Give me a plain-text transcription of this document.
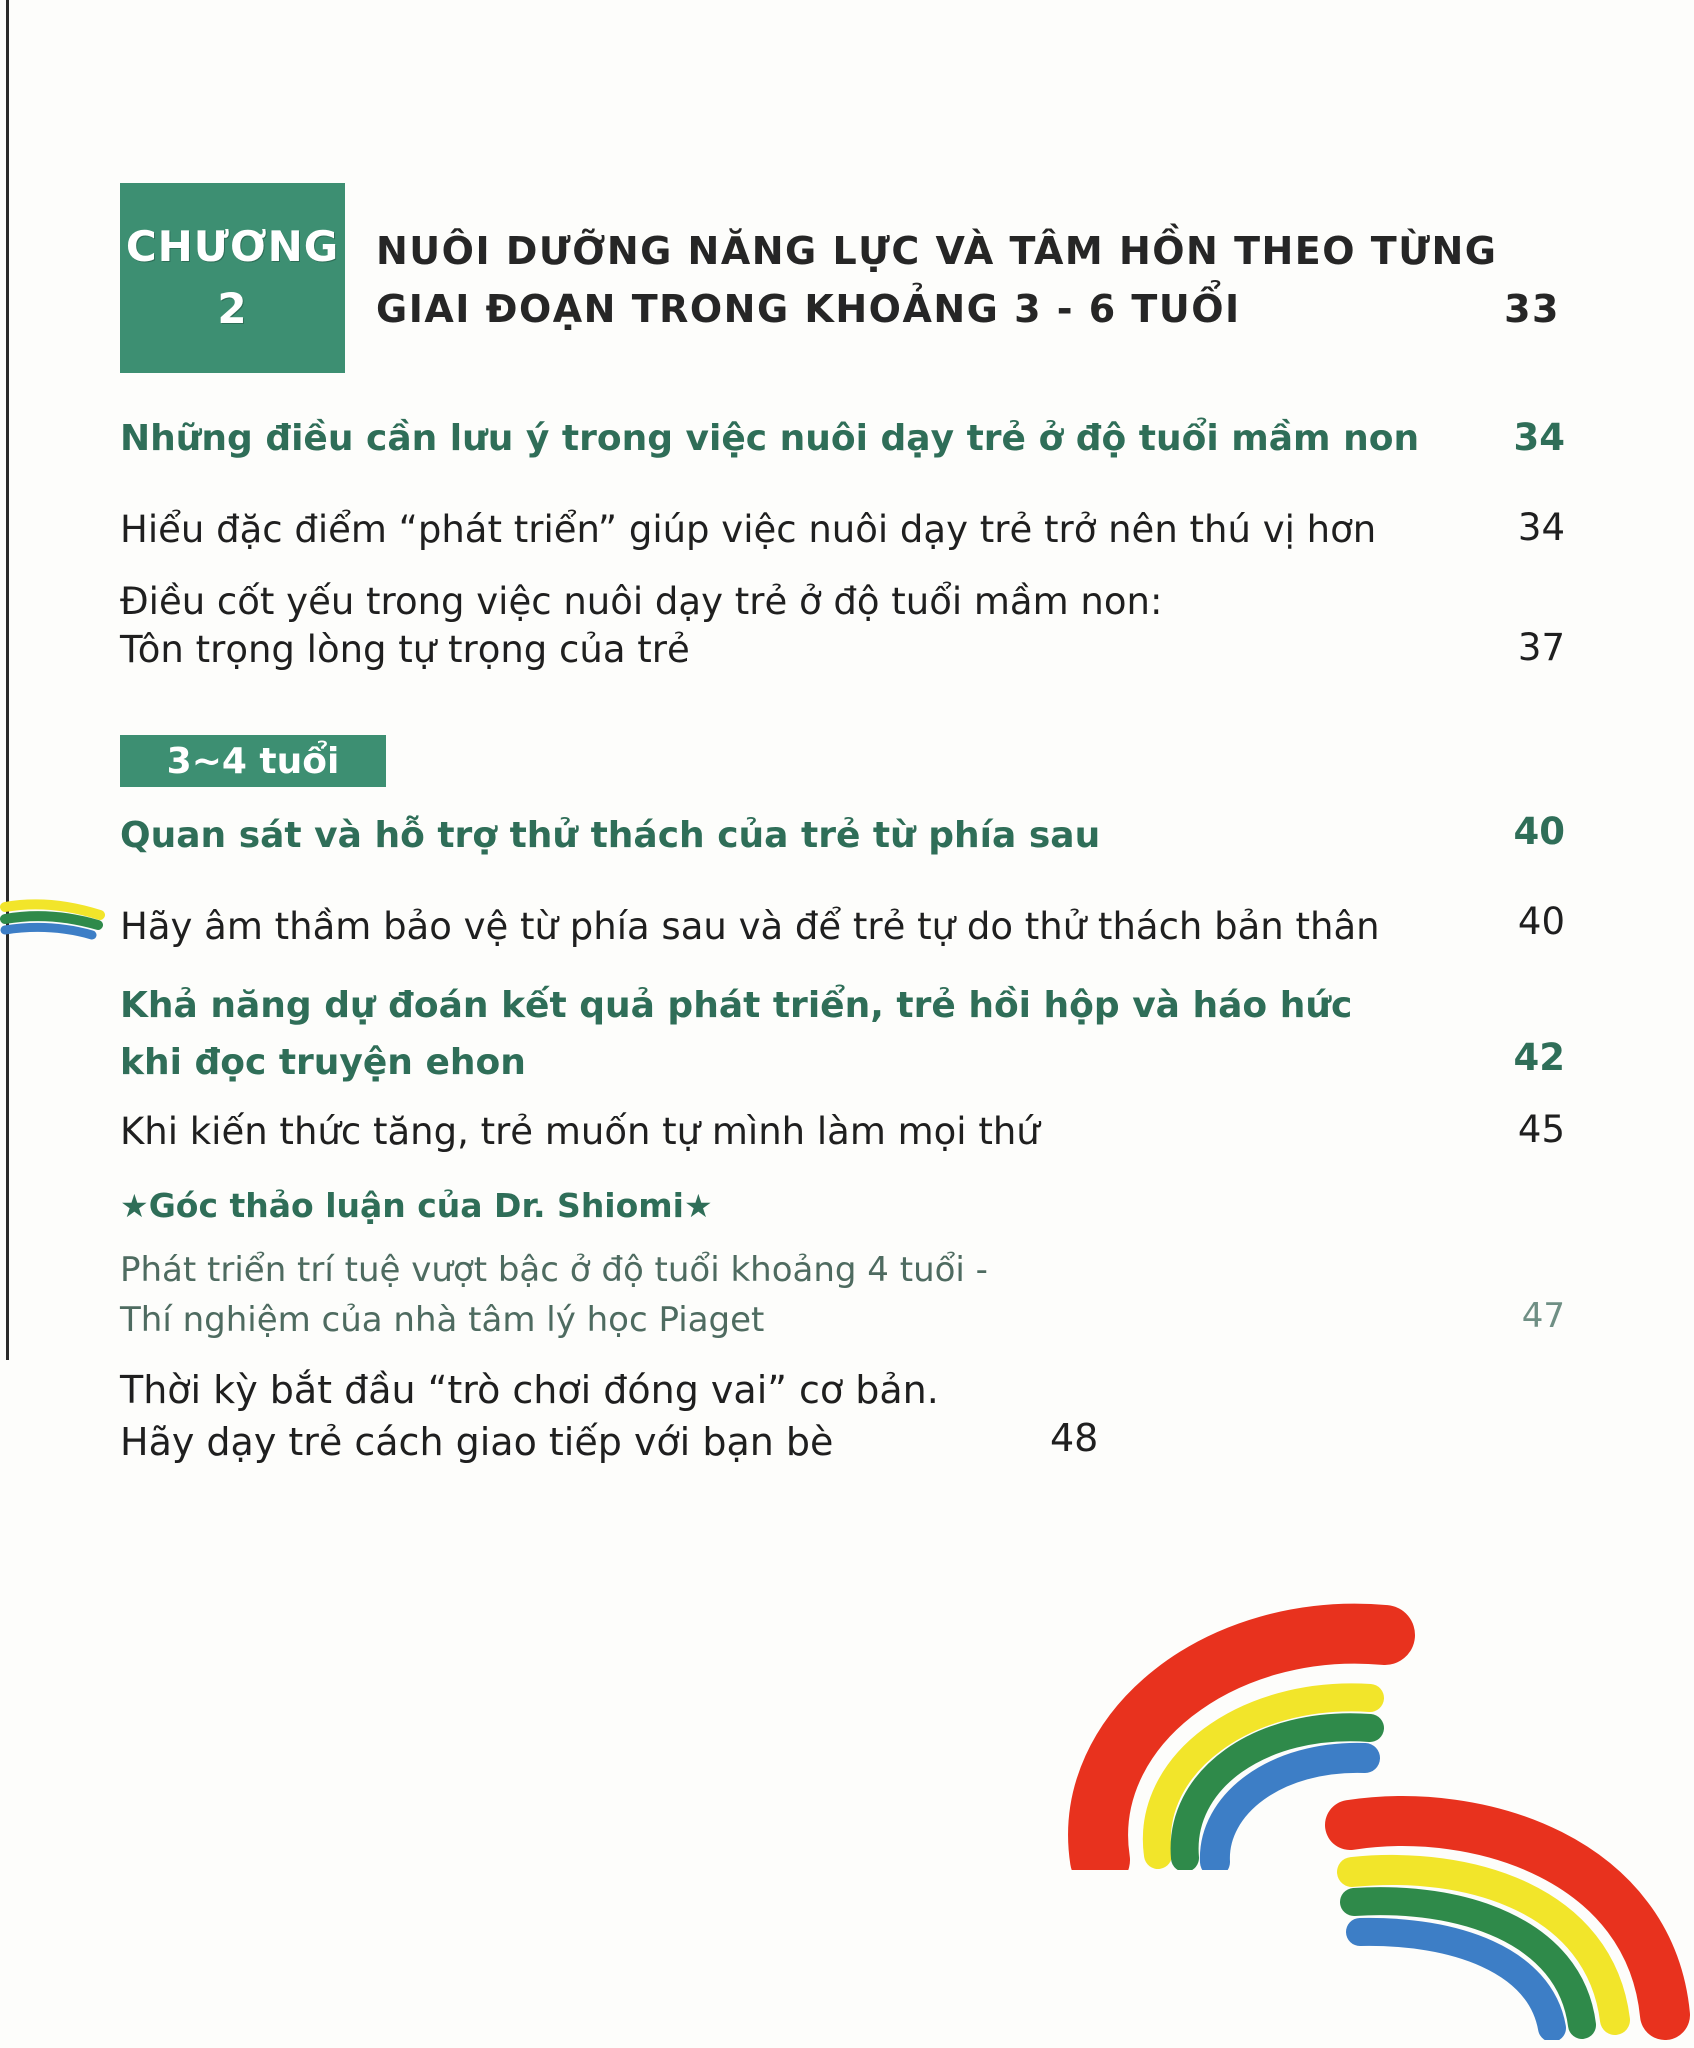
CHƯƠNG
2
NUÔI DƯỠNG NĂNG LỰC VÀ TÂM HỒN THEO TỪNG
GIAI ĐOẠN TRONG KHOẢNG 3 - 6 TUỔI	33
Những điều cần lưu ý trong việc nuôi dạy trẻ ở độ tuổi mầm non	34
Hiểu đặc điểm “phát triển” giúp việc nuôi dạy trẻ trở nên thú vị hơn	34
Điều cốt yếu trong việc nuôi dạy trẻ ở độ tuổi mầm non:
Tôn trọng lòng tự trọng của trẻ	37
3~4 tuổi
Quan sát và hỗ trợ thử thách của trẻ từ phía sau	40
Hãy âm thầm bảo vệ từ phía sau và để trẻ tự do thử thách bản thân	40
Khả năng dự đoán kết quả phát triển, trẻ hồi hộp và háo hức
khi đọc truyện ehon	42
Khi kiến thức tăng, trẻ muốn tự mình làm mọi thứ	45
★Góc thảo luận của Dr. Shiomi★
Phát triển trí tuệ vượt bậc ở độ tuổi khoảng 4 tuổi -
Thí nghiệm của nhà tâm lý học Piaget	47
Thời kỳ bắt đầu “trò chơi đóng vai” cơ bản.
Hãy dạy trẻ cách giao tiếp với bạn bè	48
